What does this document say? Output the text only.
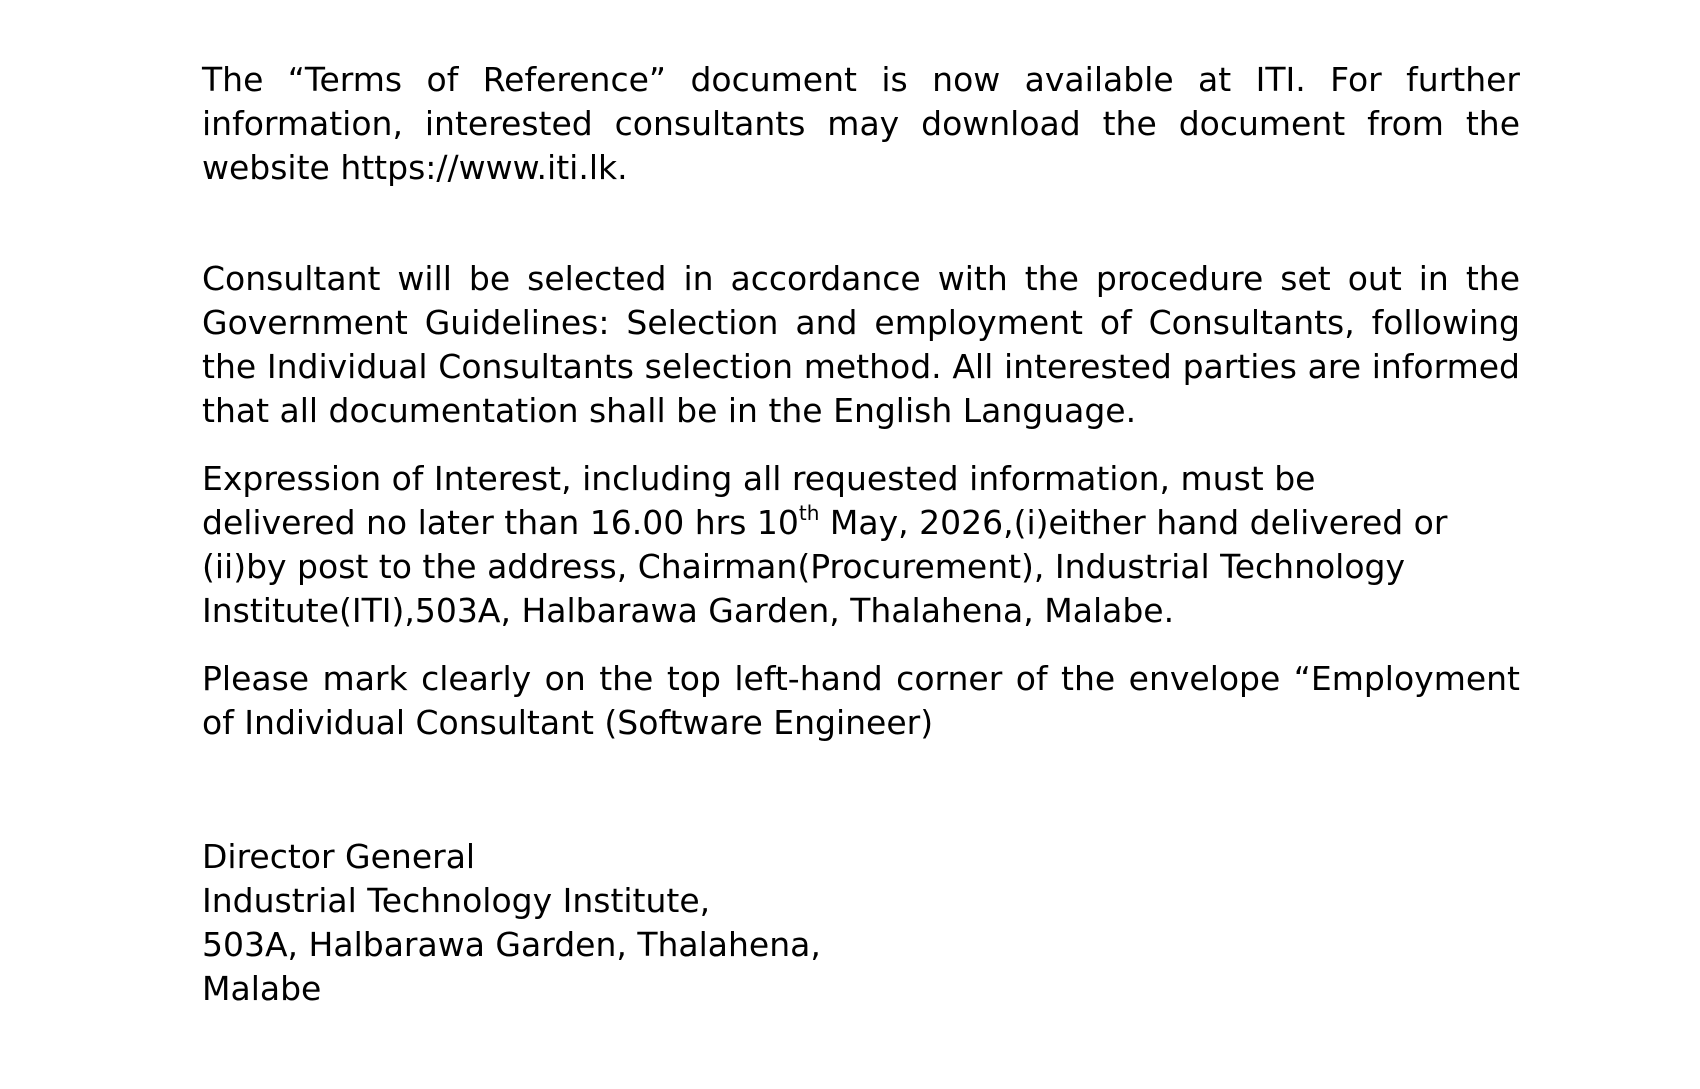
The “Terms of Reference” document is now available at ITI. For further information, interested consultants may download the document from the website https://www.iti.lk.

Consultant will be selected in accordance with the procedure set out in the Government Guidelines: Selection and employment of Consultants, following the Individual Consultants selection method. All interested parties are informed that all documentation shall be in the English Language.

Expression of Interest, including all requested information, must be
delivered no later than 16.00 hrs 10th May, 2026,(i)either hand delivered or
(ii)by post to the address, Chairman(Procurement), Industrial Technology
Institute(ITI),503A, Halbarawa Garden, Thalahena, Malabe.

Please mark clearly on the top left-hand corner of the envelope “Employment of Individual Consultant (Software Engineer)

Director General
Industrial Technology Institute,
503A, Halbarawa Garden, Thalahena,
Malabe
